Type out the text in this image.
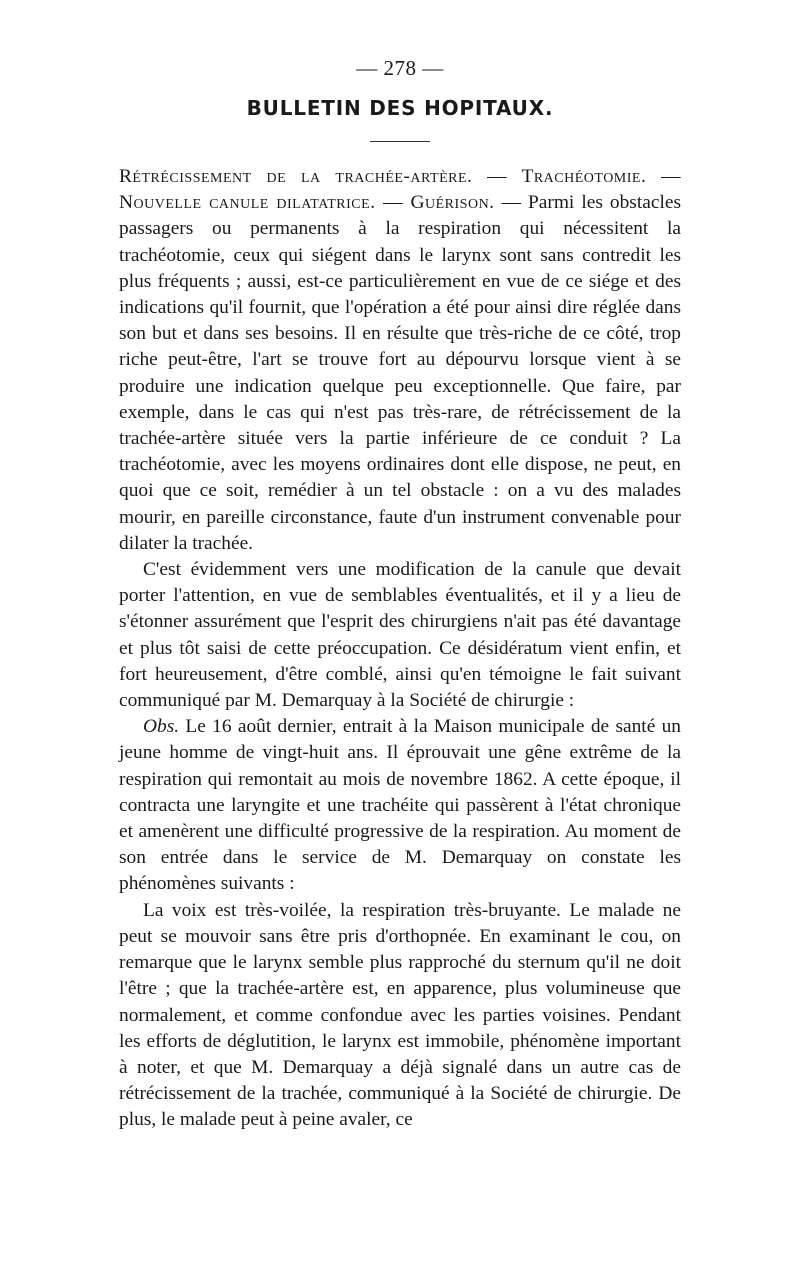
— 278 —
BULLETIN DES HOPITAUX.

Rétrécissement de la trachée-artère. — Trachéotomie. — Nouvelle canule dilatatrice. — Guérison. — Parmi les obstacles passagers ou permanents à la respiration qui nécessitent la trachéotomie, ceux qui siégent dans le larynx sont sans contredit les plus fréquents ; aussi, est-ce particulièrement en vue de ce siége et des indications qu'il fournit, que l'opération a été pour ainsi dire réglée dans son but et dans ses besoins. Il en résulte que très-riche de ce côté, trop riche peut-être, l'art se trouve fort au dépourvu lorsque vient à se produire une indication quelque peu exceptionnelle. Que faire, par exemple, dans le cas qui n'est pas très-rare, de rétrécissement de la trachée-artère située vers la partie inférieure de ce conduit ? La trachéotomie, avec les moyens ordinaires dont elle dispose, ne peut, en quoi que ce soit, remédier à un tel obstacle : on a vu des malades mourir, en pareille circonstance, faute d'un instrument convenable pour dilater la trachée.

C'est évidemment vers une modification de la canule que devait porter l'attention, en vue de semblables éventualités, et il y a lieu de s'étonner assurément que l'esprit des chirurgiens n'ait pas été davantage et plus tôt saisi de cette préoccupation. Ce désidératum vient enfin, et fort heureusement, d'être comblé, ainsi qu'en témoigne le fait suivant communiqué par M. Demarquay à la Société de chirurgie :

Obs. Le 16 août dernier, entrait à la Maison municipale de santé un jeune homme de vingt-huit ans. Il éprouvait une gêne extrême de la respiration qui remontait au mois de novembre 1862. A cette époque, il contracta une laryngite et une trachéite qui passèrent à l'état chronique et amenèrent une difficulté progressive de la respiration. Au moment de son entrée dans le service de M. Demarquay on constate les phénomènes suivants :

La voix est très-voilée, la respiration très-bruyante. Le malade ne peut se mouvoir sans être pris d'orthopnée. En examinant le cou, on remarque que le larynx semble plus rapproché du sternum qu'il ne doit l'être ; que la trachée-artère est, en apparence, plus volumineuse que normalement, et comme confondue avec les parties voisines. Pendant les efforts de déglutition, le larynx est immobile, phénomène important à noter, et que M. Demarquay a déjà signalé dans un autre cas de rétrécissement de la trachée, communiqué à la Société de chirurgie. De plus, le malade peut à peine avaler, ce
